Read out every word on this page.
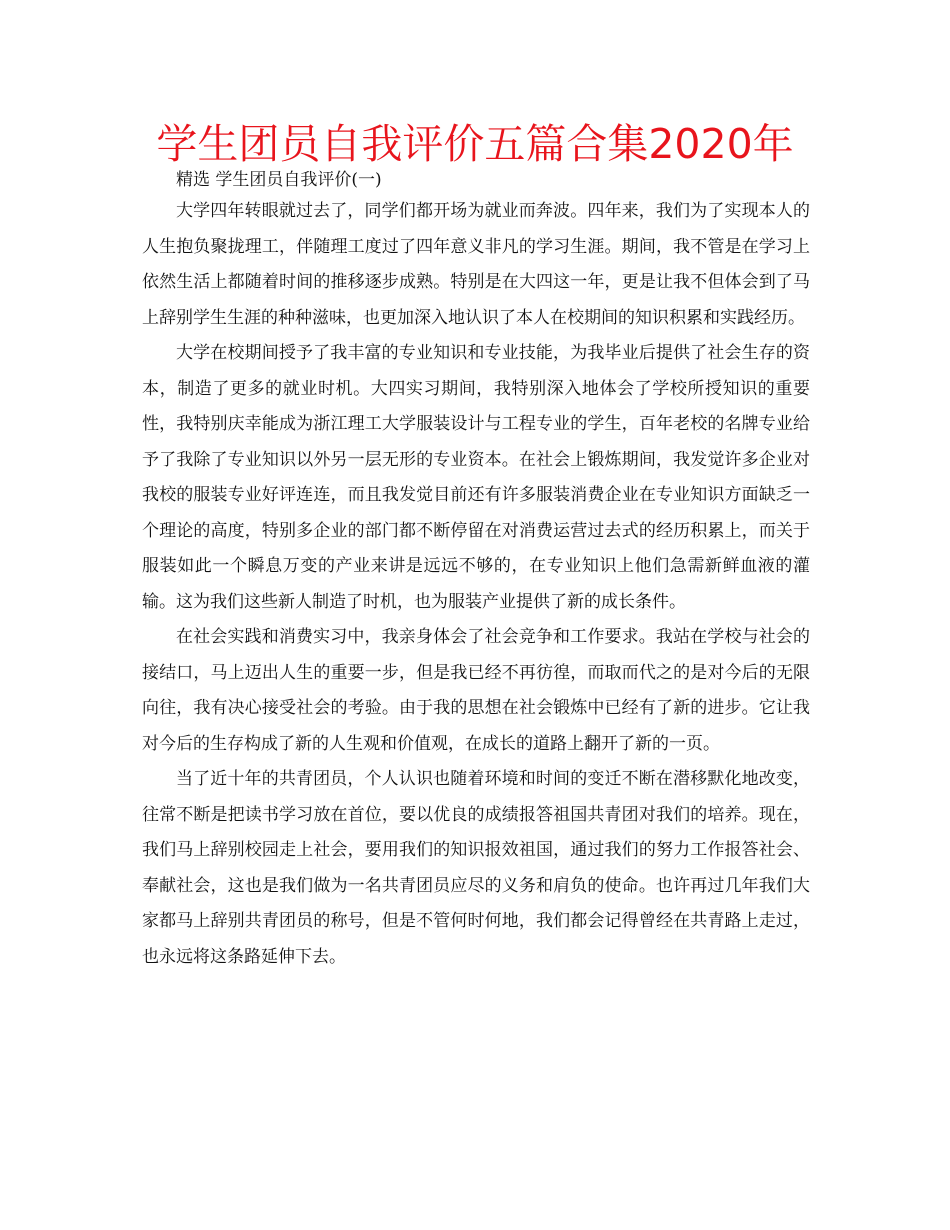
学生团员自我评价五篇合集2020年

精选 学生团员自我评价(一)

大学四年转眼就过去了，同学们都开场为就业而奔波。四年来，我们为了实现本人的人生抱负聚拢理工，伴随理工度过了四年意义非凡的学习生涯。期间，我不管是在学习上依然生活上都随着时间的推移逐步成熟。特别是在大四这一年，更是让我不但体会到了马上辞别学生生涯的种种滋味，也更加深入地认识了本人在校期间的知识积累和实践经历。

大学在校期间授予了我丰富的专业知识和专业技能，为我毕业后提供了社会生存的资本，制造了更多的就业时机。大四实习期间，我特别深入地体会了学校所授知识的重要性，我特别庆幸能成为浙江理工大学服装设计与工程专业的学生，百年老校的名牌专业给予了我除了专业知识以外另一层无形的专业资本。在社会上锻炼期间，我发觉许多企业对我校的服装专业好评连连，而且我发觉目前还有许多服装消费企业在专业知识方面缺乏一个理论的高度，特别多企业的部门都不断停留在对消费运营过去式的经历积累上，而关于服装如此一个瞬息万变的产业来讲是远远不够的，在专业知识上他们急需新鲜血液的灌输。这为我们这些新人制造了时机，也为服装产业提供了新的成长条件。

在社会实践和消费实习中，我亲身体会了社会竞争和工作要求。我站在学校与社会的接结口，马上迈出人生的重要一步，但是我已经不再彷徨，而取而代之的是对今后的无限向往，我有决心接受社会的考验。由于我的思想在社会锻炼中已经有了新的进步。它让我对今后的生存构成了新的人生观和价值观，在成长的道路上翻开了新的一页。

当了近十年的共青团员，个人认识也随着环境和时间的变迁不断在潜移默化地改变，往常不断是把读书学习放在首位，要以优良的成绩报答祖国共青团对我们的培养。现在，我们马上辞别校园走上社会，要用我们的知识报效祖国，通过我们的努力工作报答社会、奉献社会，这也是我们做为一名共青团员应尽的义务和肩负的使命。也许再过几年我们大家都马上辞别共青团员的称号，但是不管何时何地，我们都会记得曾经在共青路上走过，也永远将这条路延伸下去。
